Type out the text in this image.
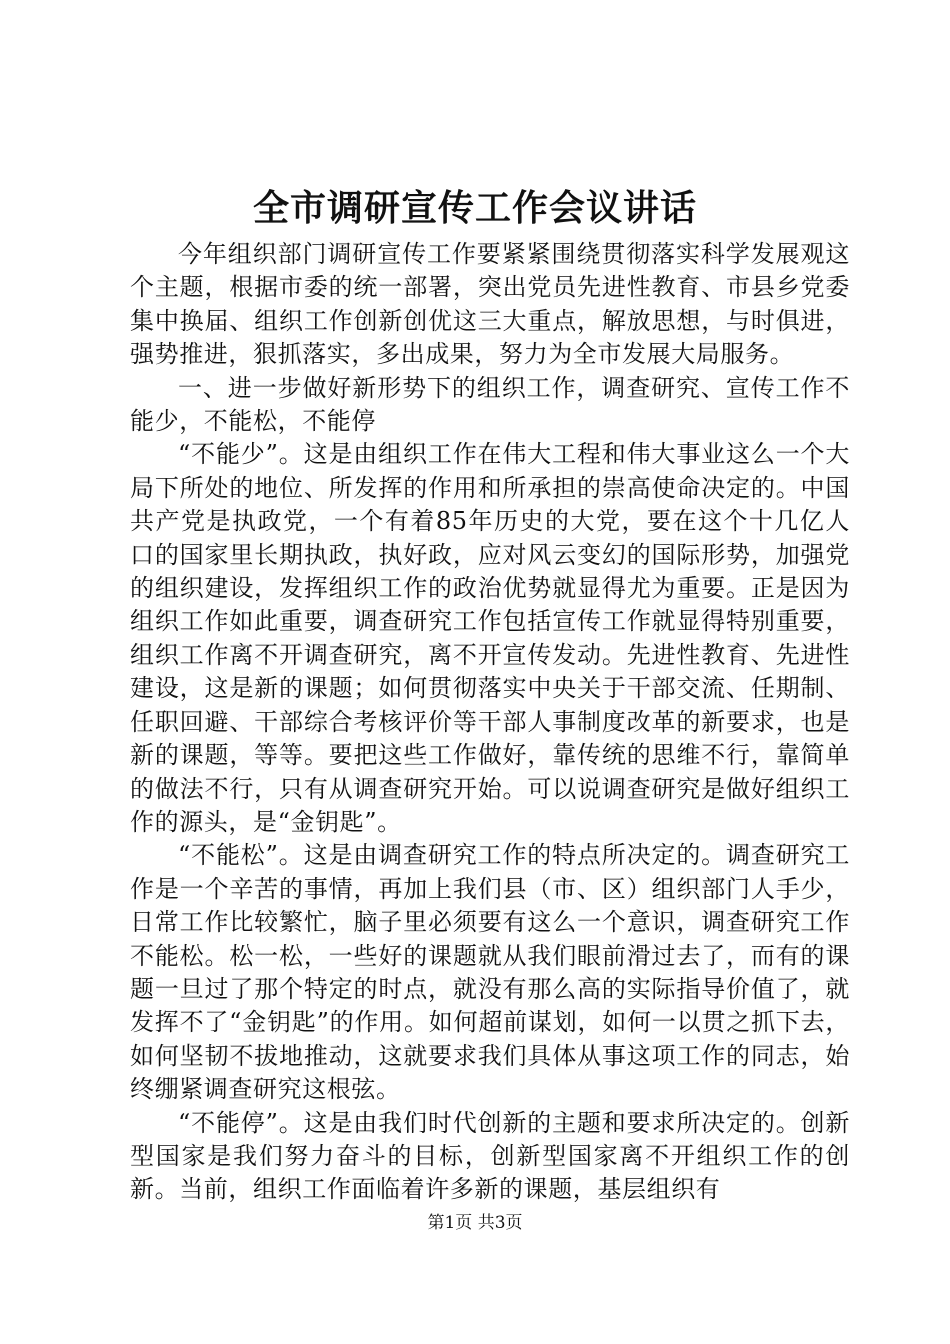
全市调研宣传工作会议讲话

今年组织部门调研宣传工作要紧紧围绕贯彻落实科学发展观这个主题，根据市委的统一部署，突出党员先进性教育、市县乡党委集中换届、组织工作创新创优这三大重点，解放思想，与时俱进，强势推进，狠抓落实，多出成果，努力为全市发展大局服务。

一、进一步做好新形势下的组织工作，调查研究、宣传工作不能少，不能松，不能停

“不能少”。这是由组织工作在伟大工程和伟大事业这么一个大局下所处的地位、所发挥的作用和所承担的崇高使命决定的。中国共产党是执政党，一个有着85年历史的大党，要在这个十几亿人口的国家里长期执政，执好政，应对风云变幻的国际形势，加强党的组织建设，发挥组织工作的政治优势就显得尤为重要。正是因为组织工作如此重要，调查研究工作包括宣传工作就显得特别重要，组织工作离不开调查研究，离不开宣传发动。先进性教育、先进性建设，这是新的课题；如何贯彻落实中央关于干部交流、任期制、任职回避、干部综合考核评价等干部人事制度改革的新要求，也是新的课题，等等。要把这些工作做好，靠传统的思维不行，靠简单的做法不行，只有从调查研究开始。可以说调查研究是做好组织工作的源头，是“金钥匙”。

“不能松”。这是由调查研究工作的特点所决定的。调查研究工作是一个辛苦的事情，再加上我们县（市、区）组织部门人手少，日常工作比较繁忙，脑子里必须要有这么一个意识，调查研究工作不能松。松一松，一些好的课题就从我们眼前滑过去了，而有的课题一旦过了那个特定的时点，就没有那么高的实际指导价值了，就发挥不了“金钥匙”的作用。如何超前谋划，如何一以贯之抓下去，如何坚韧不拔地推动，这就要求我们具体从事这项工作的同志，始终绷紧调查研究这根弦。

“不能停”。这是由我们时代创新的主题和要求所决定的。创新型国家是我们努力奋斗的目标，创新型国家离不开组织工作的创新。当前，组织工作面临着许多新的课题，基层组织有

第1页 共3页
